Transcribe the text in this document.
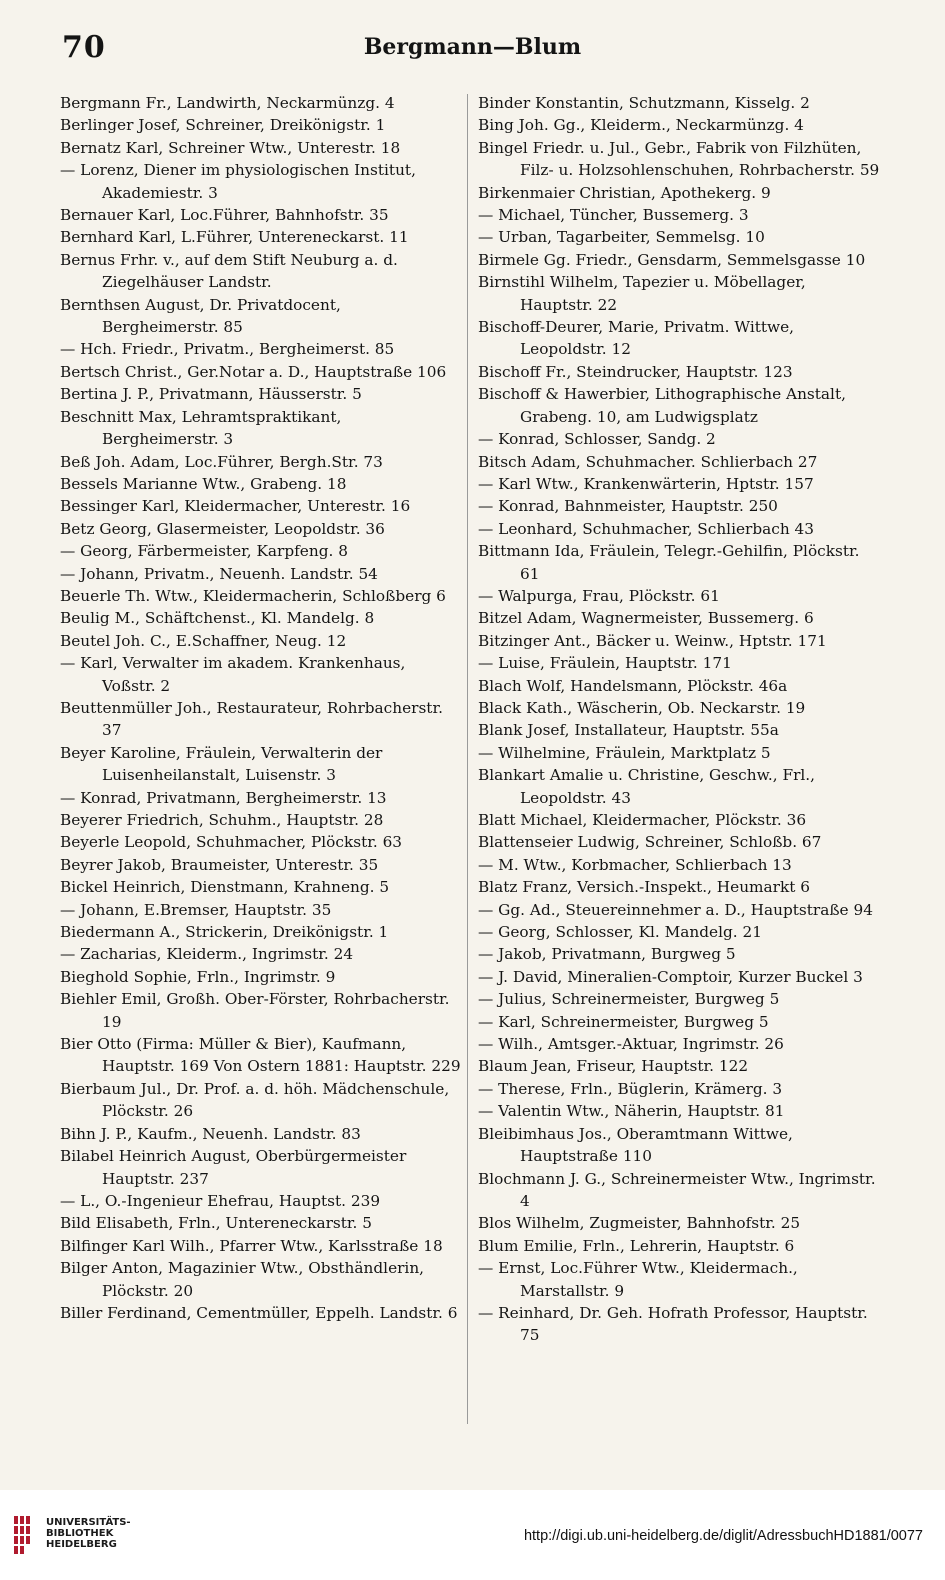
70	Bergmann—Blum
Bergmann Fr., Landwirth, Neckarmünzg. 4
Berlinger Josef, Schreiner, Dreikönigstr. 1
Bernatz Karl, Schreiner Wtw., Unterestr. 18
— Lorenz, Diener im physiologischen Institut, Akademiestr. 3
Bernauer Karl, Loc.Führer, Bahnhofstr. 35
Bernhard Karl, L.Führer, Untereneckarst. 11
Bernus Frhr. v., auf dem Stift Neuburg a. d. Ziegelhäuser Landstr.
Bernthsen August, Dr. Privatdocent, Bergheimerstr. 85
— Hch. Friedr., Privatm., Bergheimerst. 85
Bertsch Christ., Ger.Notar a. D., Hauptstraße 106
Bertina J. P., Privatmann, Häusserstr. 5
Beschnitt Max, Lehramtspraktikant, Bergheimerstr. 3
Beß Joh. Adam, Loc.Führer, Bergh.Str. 73
Bessels Marianne Wtw., Grabeng. 18
Bessinger Karl, Kleidermacher, Unterestr. 16
Betz Georg, Glasermeister, Leopoldstr. 36
— Georg, Färbermeister, Karpfeng. 8
— Johann, Privatm., Neuenh. Landstr. 54
Beuerle Th. Wtw., Kleidermacherin, Schloßberg 6
Beulig M., Schäftchenst., Kl. Mandelg. 8
Beutel Joh. C., E.Schaffner, Neug. 12
— Karl, Verwalter im akadem. Krankenhaus, Voßstr. 2
Beuttenmüller Joh., Restaurateur, Rohrbacherstr. 37
Beyer Karoline, Fräulein, Verwalterin der Luisenheilanstalt, Luisenstr. 3
— Konrad, Privatmann, Bergheimerstr. 13
Beyerer Friedrich, Schuhm., Hauptstr. 28
Beyerle Leopold, Schuhmacher, Plöckstr. 63
Beyrer Jakob, Braumeister, Unterestr. 35
Bickel Heinrich, Dienstmann, Krahneng. 5
— Johann, E.Bremser, Hauptstr. 35
Biedermann A., Strickerin, Dreikönigstr. 1
— Zacharias, Kleiderm., Ingrimstr. 24
Bieghold Sophie, Frln., Ingrimstr. 9
Biehler Emil, Großh. Ober-Förster, Rohrbacherstr. 19
Bier Otto (Firma: Müller & Bier), Kaufmann, Hauptstr. 169 Von Ostern 1881: Hauptstr. 229
Bierbaum Jul., Dr. Prof. a. d. höh. Mädchenschule, Plöckstr. 26
Bihn J. P., Kaufm., Neuenh. Landstr. 83
Bilabel Heinrich August, Oberbürgermeister Hauptstr. 237
— L., O.-Ingenieur Ehefrau, Hauptst. 239
Bild Elisabeth, Frln., Untereneckarstr. 5
Bilfinger Karl Wilh., Pfarrer Wtw., Karlsstraße 18
Bilger Anton, Magazinier Wtw., Obsthändlerin, Plöckstr. 20
Biller Ferdinand, Cementmüller, Eppelh. Landstr. 6
Binder Konstantin, Schutzmann, Kisselg. 2
Bing Joh. Gg., Kleiderm., Neckarmünzg. 4
Bingel Friedr. u. Jul., Gebr., Fabrik von Filzhüten, Filz- u. Holzsohlenschuhen, Rohrbacherstr. 59
Birkenmaier Christian, Apothekerg. 9
— Michael, Tüncher, Bussemerg. 3
— Urban, Tagarbeiter, Semmelsg. 10
Birmele Gg. Friedr., Gensdarm, Semmelsgasse 10
Birnstihl Wilhelm, Tapezier u. Möbellager, Hauptstr. 22
Bischoff-Deurer, Marie, Privatm. Wittwe, Leopoldstr. 12
Bischoff Fr., Steindrucker, Hauptstr. 123
Bischoff & Hawerbier, Lithographische Anstalt, Grabeng. 10, am Ludwigsplatz
— Konrad, Schlosser, Sandg. 2
Bitsch Adam, Schuhmacher. Schlierbach 27
— Karl Wtw., Krankenwärterin, Hptstr. 157
— Konrad, Bahnmeister, Hauptstr. 250
— Leonhard, Schuhmacher, Schlierbach 43
Bittmann Ida, Fräulein, Telegr.-Gehilfin, Plöckstr. 61
— Walpurga, Frau, Plöckstr. 61
Bitzel Adam, Wagnermeister, Bussemerg. 6
Bitzinger Ant., Bäcker u. Weinw., Hptstr. 171
— Luise, Fräulein, Hauptstr. 171
Blach Wolf, Handelsmann, Plöckstr. 46a
Black Kath., Wäscherin, Ob. Neckarstr. 19
Blank Josef, Installateur, Hauptstr. 55a
— Wilhelmine, Fräulein, Marktplatz 5
Blankart Amalie u. Christine, Geschw., Frl., Leopoldstr. 43
Blatt Michael, Kleidermacher, Plöckstr. 36
Blattenseier Ludwig, Schreiner, Schloßb. 67
— M. Wtw., Korbmacher, Schlierbach 13
Blatz Franz, Versich.-Inspekt., Heumarkt 6
— Gg. Ad., Steuereinnehmer a. D., Hauptstraße 94
— Georg, Schlosser, Kl. Mandelg. 21
— Jakob, Privatmann, Burgweg 5
— J. David, Mineralien-Comptoir, Kurzer Buckel 3
— Julius, Schreinermeister, Burgweg 5
— Karl, Schreinermeister, Burgweg 5
— Wilh., Amtsger.-Aktuar, Ingrimstr. 26
Blaum Jean, Friseur, Hauptstr. 122
— Therese, Frln., Büglerin, Krämerg. 3
— Valentin Wtw., Näherin, Hauptstr. 81
Bleibimhaus Jos., Oberamtmann Wittwe, Hauptstraße 110
Blochmann J. G., Schreinermeister Wtw., Ingrimstr. 4
Blos Wilhelm, Zugmeister, Bahnhofstr. 25
Blum Emilie, Frln., Lehrerin, Hauptstr. 6
— Ernst, Loc.Führer Wtw., Kleidermach., Marstallstr. 9
— Reinhard, Dr. Geh. Hofrath Professor, Hauptstr. 75
UNIVERSITÄTS-
BIBLIOTHEK
HEIDELBERG
http://digi.ub.uni-heidelberg.de/diglit/AdressbuchHD1881/0077
